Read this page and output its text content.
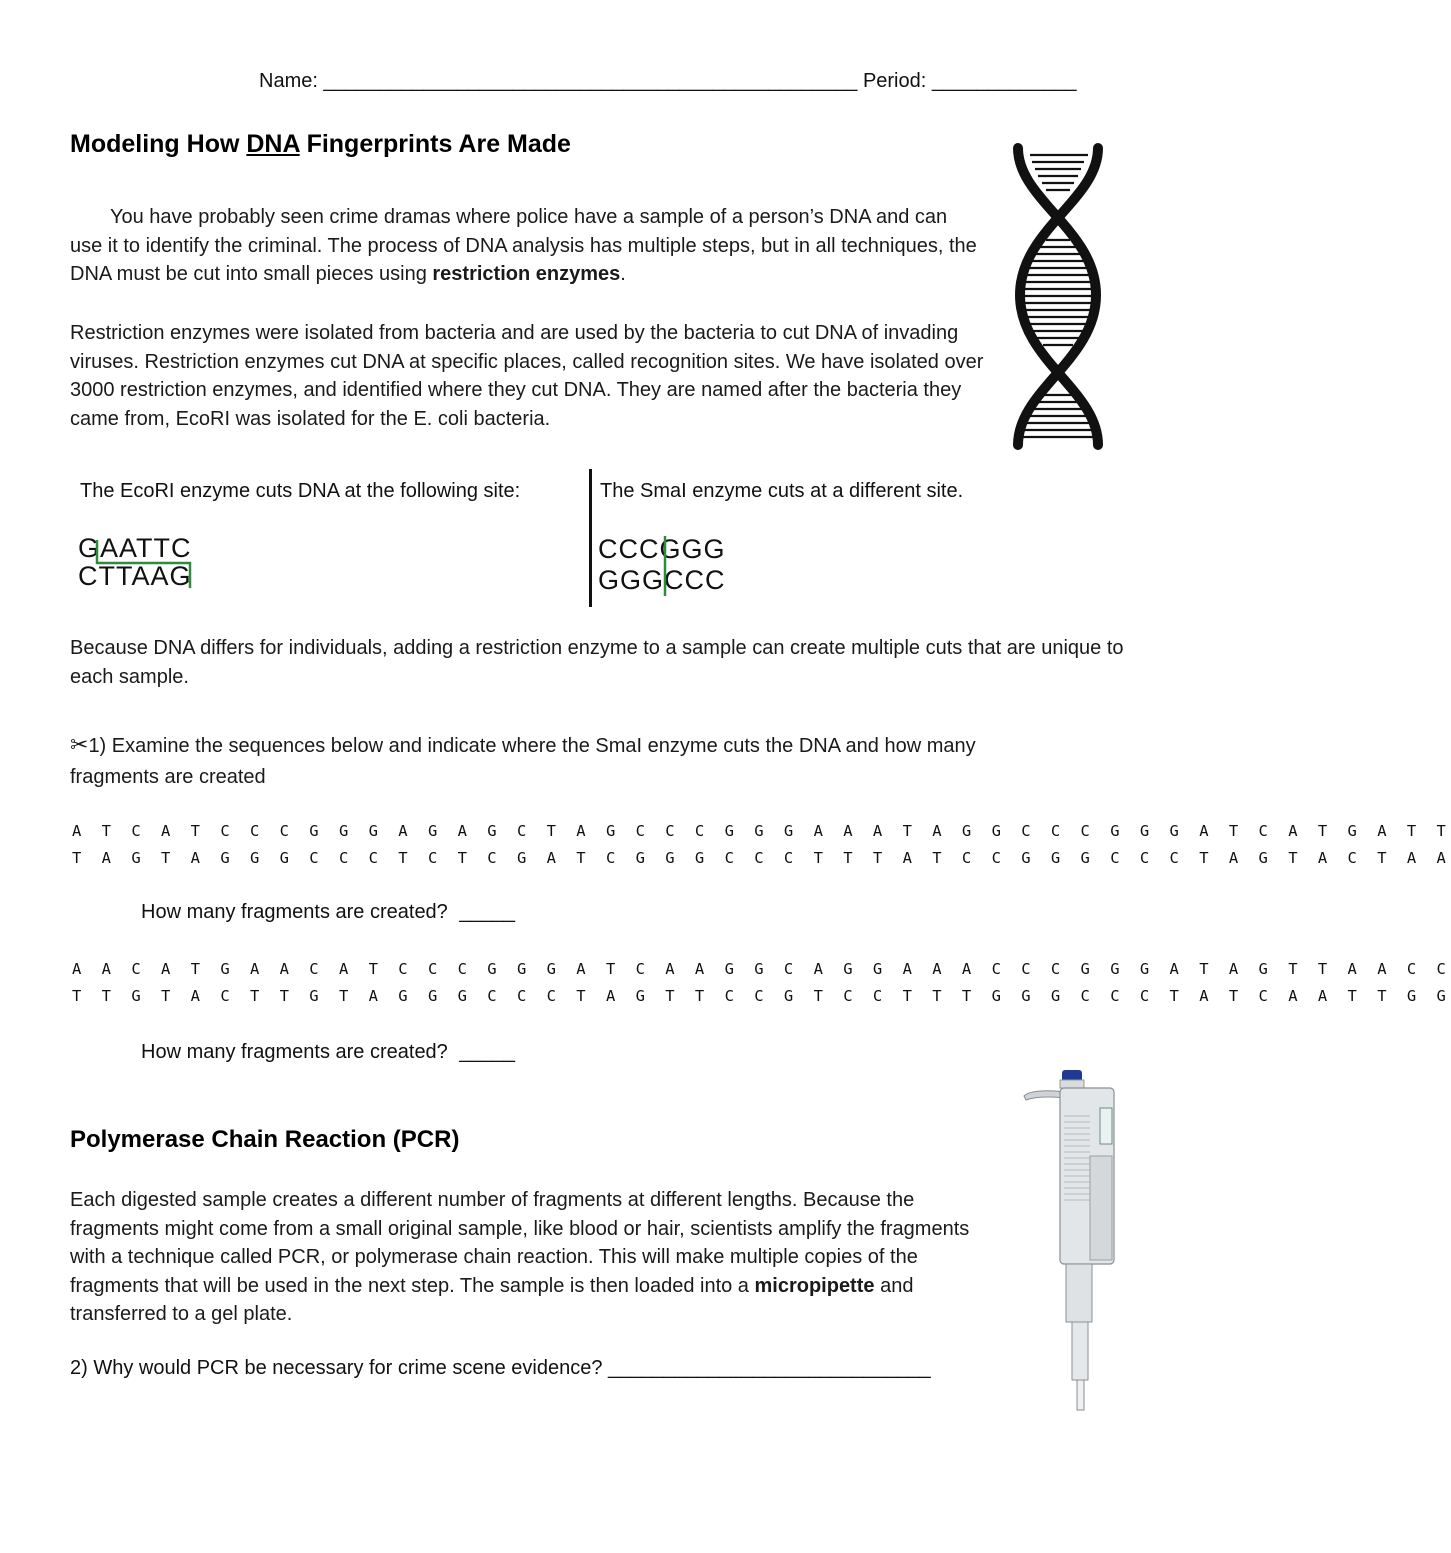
Name: ________________________________________________ Period: _____________
Modeling How DNA Fingerprints Are Made
You have probably seen crime dramas where police have a sample of a person’s DNA and can use it to identify the criminal. The process of DNA analysis has multiple steps, but in all techniques, the DNA must be cut into small pieces using restriction enzymes.
Restriction enzymes were isolated from bacteria and are used by the bacteria to cut DNA of invading viruses. Restriction enzymes cut DNA at specific places, called recognition sites. We have isolated over 3000 restriction enzymes, and identified where they cut DNA. They are named after the bacteria they came from, EcoRI was isolated for the E. coli bacteria.
The EcoRI enzyme cuts DNA at the following site:
GAATTC
CTTAAG
The SmaI enzyme cuts at a different site.
CCCGGG
GGGCCC
Because DNA differs for individuals, adding a restriction enzyme to a sample can create multiple cuts that are unique to each sample.
✂1) Examine the sequences below and indicate where the SmaI enzyme cuts the DNA and how many fragments are created
A T C A T C C C G G G A G A G C T A G C C C G G G A A A T A G G C C C G G G A T C A T G A T T
T A G T A G G G C C C T C T C G A T C G G G C C C T T T A T C C G G G C C C T A G T A C T A A
How many fragments are created? _____
A A C A T G A A C A T C C C G G G A T C A A G G C A G G A A A C C C G G G A T A G T T A A C C
T T G T A C T T G T A G G G C C C T A G T T C C G T C C T T T G G G C C C T A T C A A T T G G
How many fragments are created? _____
Polymerase Chain Reaction (PCR)
Each digested sample creates a different number of fragments at different lengths. Because the fragments might come from a small original sample, like blood or hair, scientists amplify the fragments with a technique called PCR, or polymerase chain reaction. This will make multiple copies of the fragments that will be used in the next step. The sample is then loaded into a micropipette and transferred to a gel plate.
2) Why would PCR be necessary for crime scene evidence? _____________________________
